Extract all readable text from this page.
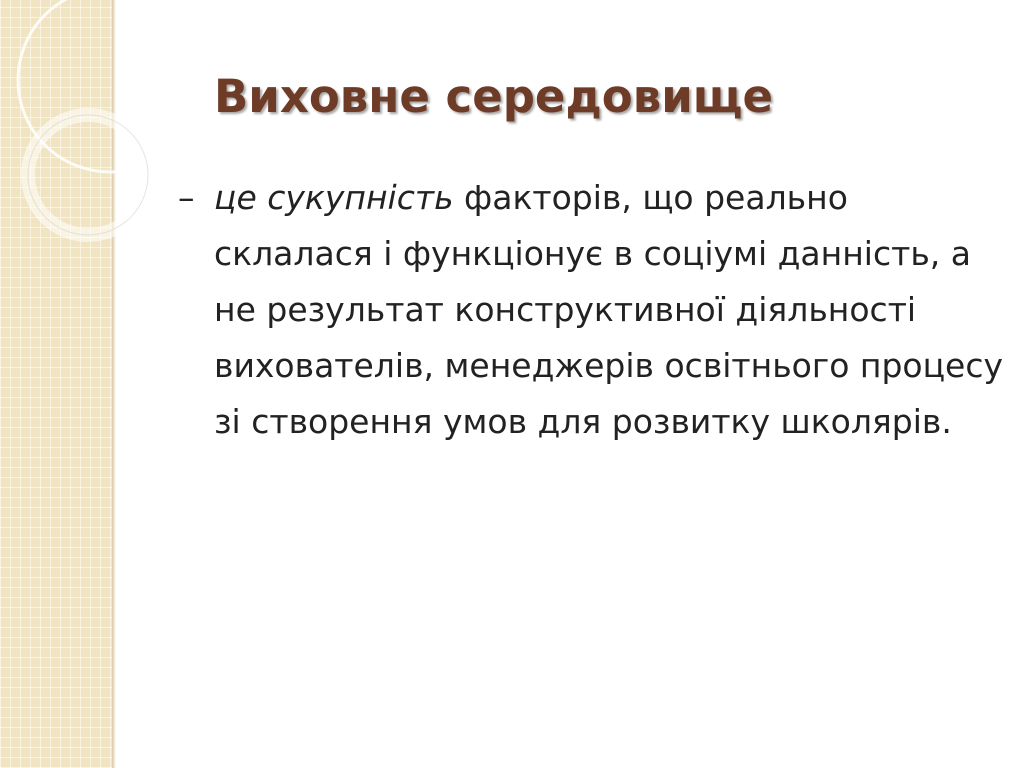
Виховне середовище

– це сукупність факторів, що реально склалася і функціонує в соціумі данність, а не результат конструктивної діяльності вихователів, менеджерів освітнього процесу зі створення умов для розвитку школярів.
